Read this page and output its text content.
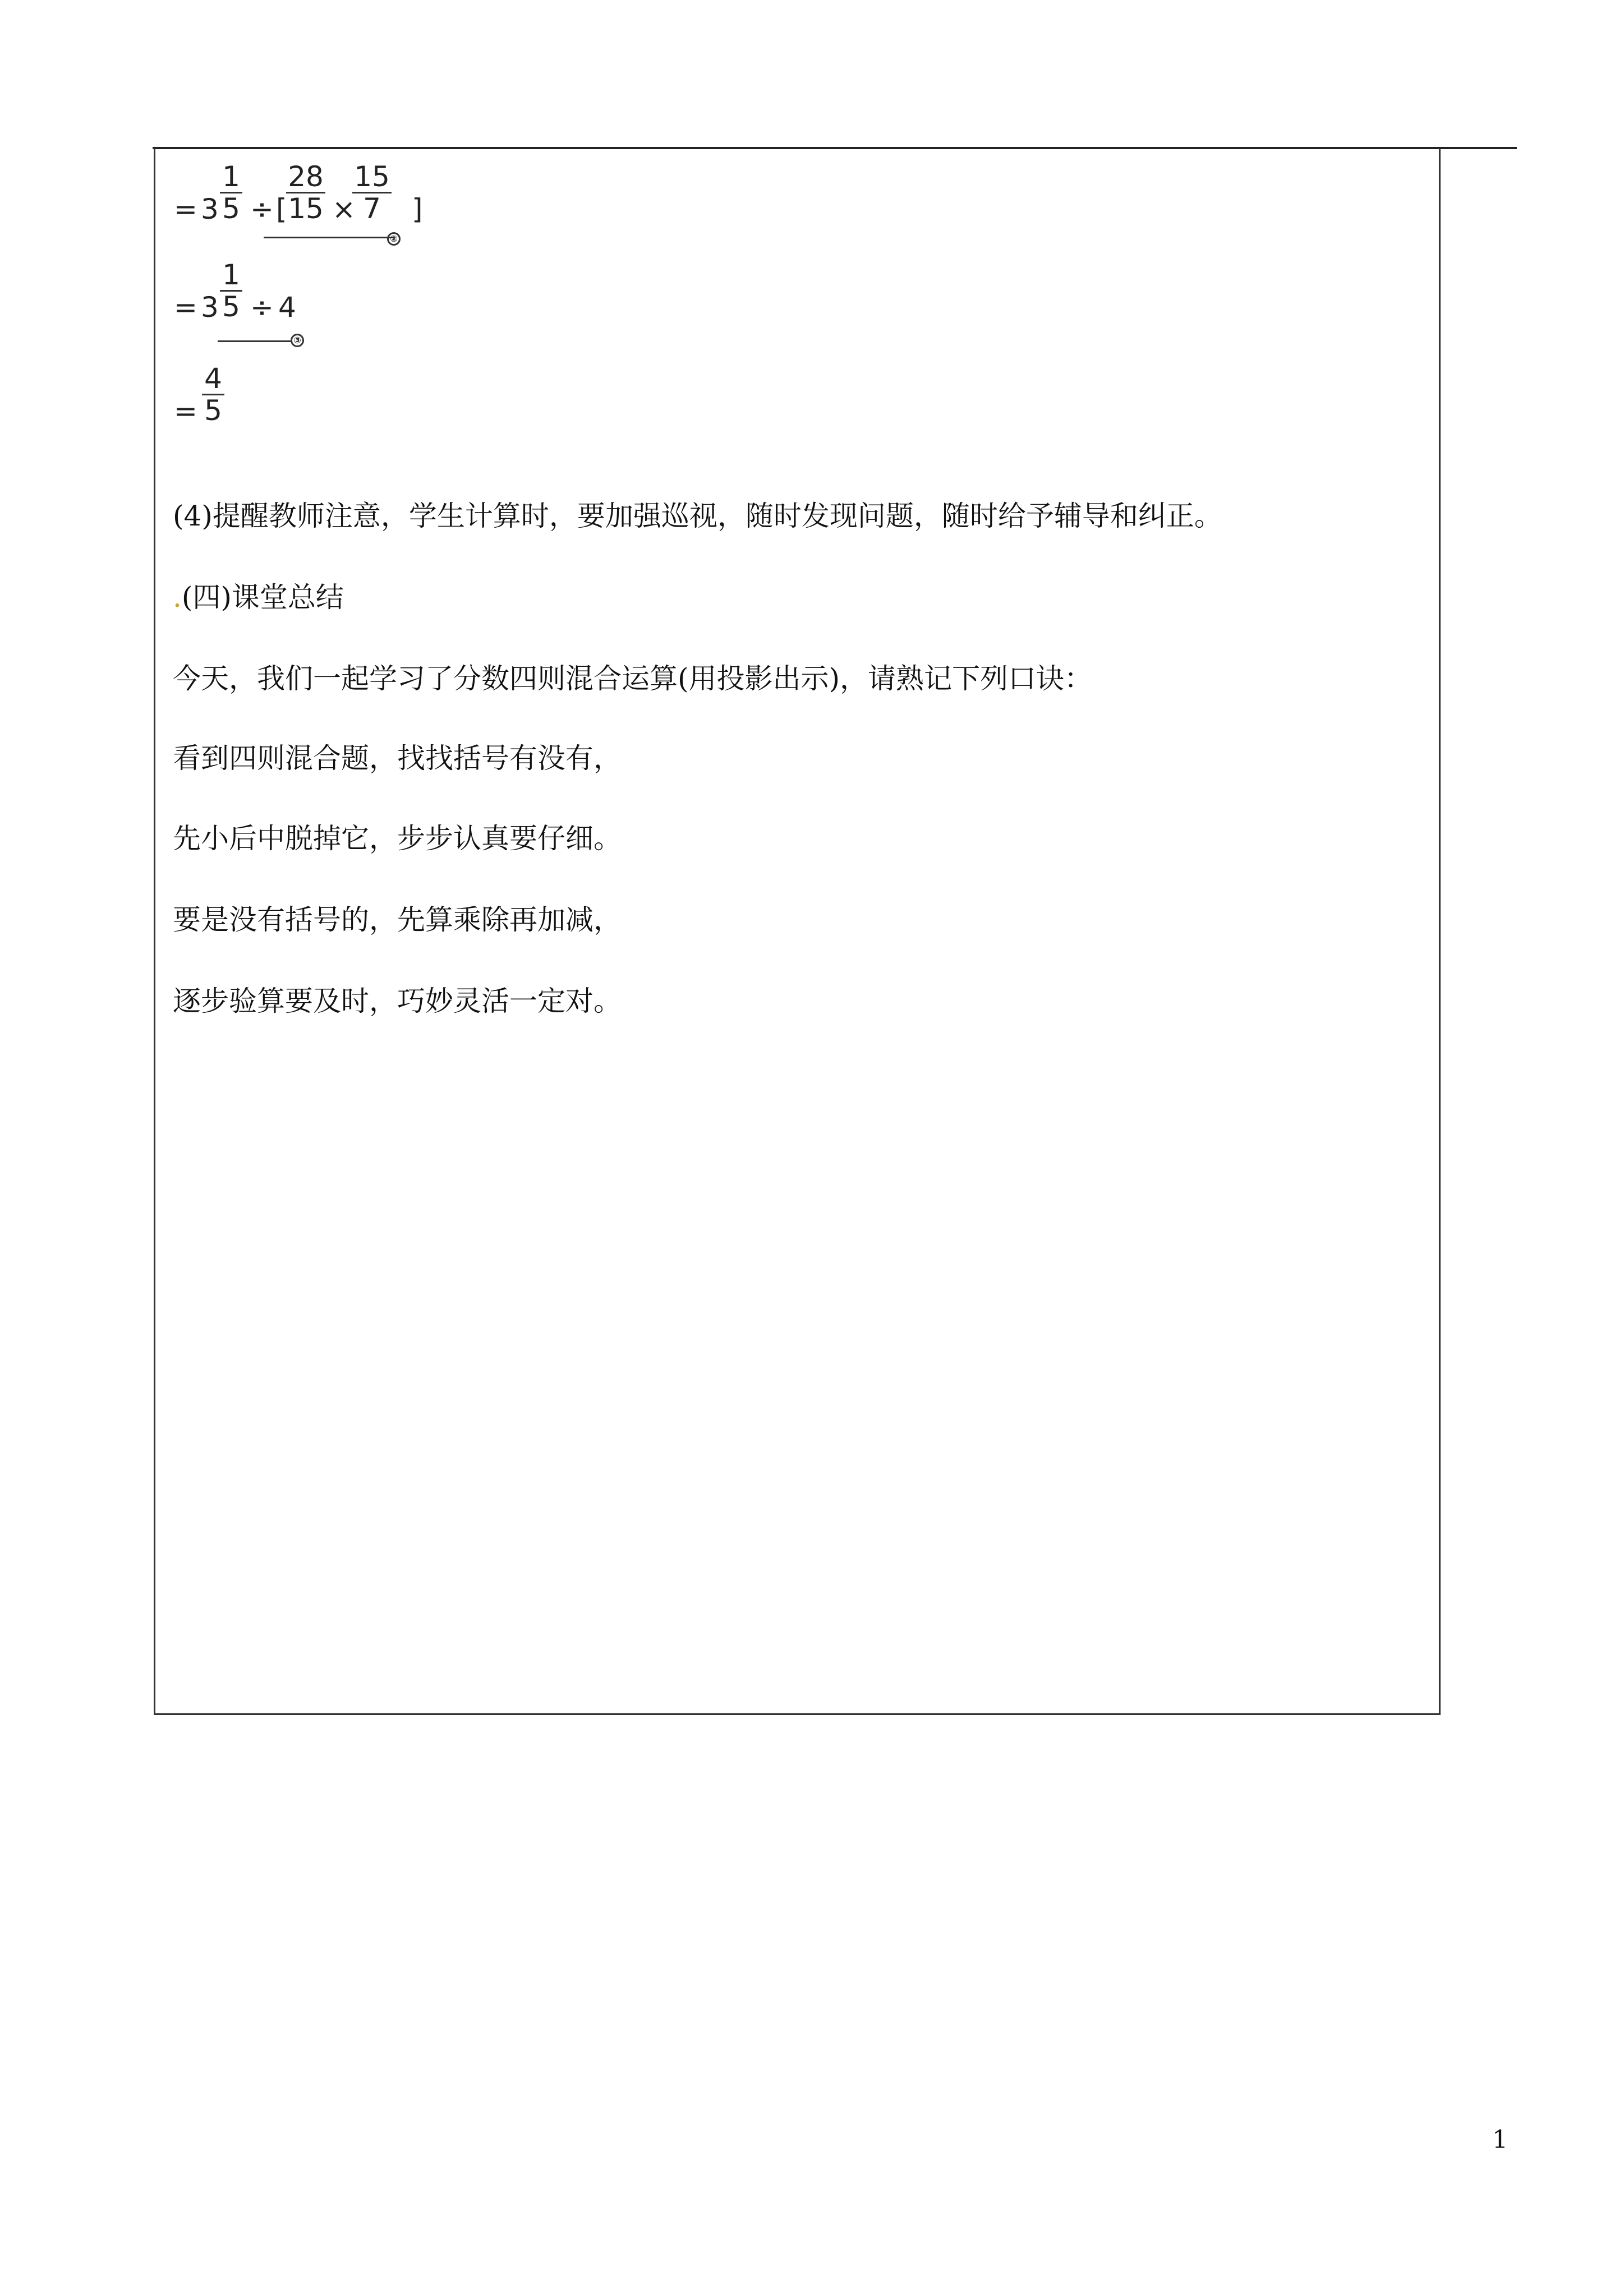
= 3
1
5 ÷ [
28
15 ×
15
7	]
②
= 3
1
5 ÷ 4
③
=
4
5
(4)提醒教师注意，学生计算时，要加强巡视，随时发现问题，随时给予辅导和纠正。
.(四)课堂总结
今天，我们一起学习了分数四则混合运算(用投影出示)，请熟记下列口诀：
看到四则混合题，找找括号有没有，
先小后中脱掉它，步步认真要仔细。
要是没有括号的，先算乘除再加减，
逐步验算要及时，巧妙灵活一定对。
1
